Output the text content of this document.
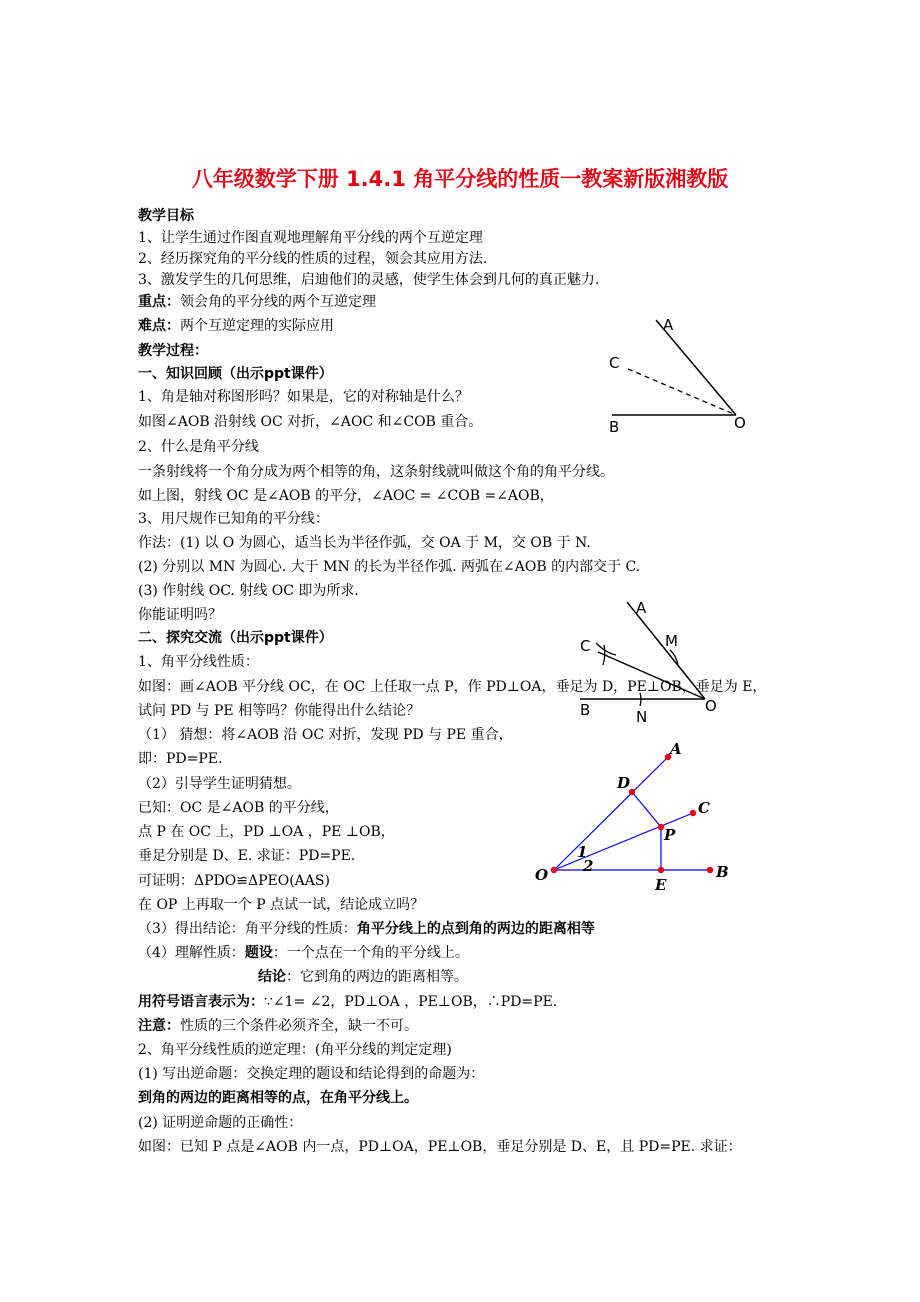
八年级数学下册 1.4.1 角平分线的性质一教案新版湘教版
教学目标
1、让学生通过作图直观地理解角平分线的两个互逆定理
2、经历探究角的平分线的性质的过程，领会其应用方法.
3、激发学生的几何思维，启迪他们的灵感，使学生体会到几何的真正魅力.
重点：领会角的平分线的两个互逆定理
难点：两个互逆定理的实际应用
教学过程：
一、知识回顾（出示ppt课件）
1、角是轴对称图形吗？如果是，它的对称轴是什么？
如图∠AOB 沿射线 OC 对折，∠AOC 和∠COB 重合。
2、什么是角平分线
一条射线将一个角分成为两个相等的角，这条射线就叫做这个角的角平分线。
如上图，射线 OC 是∠AOB 的平分，∠AOC = ∠COB =∠AOB，
3、用尺规作已知角的平分线：
作法：(1) 以 O 为圆心，适当长为半径作弧，交 OA 于 M，交 OB 于 N.
(2) 分别以 MN 为圆心. 大于 MN 的长为半径作弧. 两弧在∠AOB 的内部交于 C.
(3) 作射线 OC. 射线 OC 即为所求.
你能证明吗？
二、探究交流（出示ppt课件）
1、角平分线性质：
如图：画∠AOB 平分线 OC，在 OC 上任取一点 P，作 PD⊥OA，垂足为 D，PE⊥OB，垂足为 E，
试问 PD 与 PE 相等吗？你能得出什么结论？
（1） 猜想：将∠AOB 沿 OC 对折，发现 PD 与 PE 重合，
即：PD=PE.
（2）引导学生证明猜想。
已知：OC 是∠AOB 的平分线，
点 P 在 OC 上，PD ⊥OA ，PE ⊥OB，
垂足分别是 D、E. 求证：PD=PE.
可证明：ΔPDO≌ΔPEO(AAS)
在 OP 上再取一个 P 点试一试，结论成立吗？
（3）得出结论：角平分线的性质：角平分线上的点到角的两边的距离相等
（4）理解性质：题设：一个点在一个角的平分线上。
结论：它到角的两边的距离相等。
用符号语言表示为：∵∠1= ∠2，PD⊥OA ，PE⊥OB，∴PD=PE.
注意：性质的三个条件必须齐全，缺一不可。
2、角平分线性质的逆定理：(角平分线的判定定理)
(1) 写出逆命题：交换定理的题设和结论得到的命题为：
到角的两边的距离相等的点，在角平分线上。
(2) 证明逆命题的正确性：
如图：已知 P 点是∠AOB 内一点，PD⊥OA，PE⊥OB，垂足分别是 D、E，且 PD=PE. 求证：
A
C
B	O
A
M
C
B	N
O
A
D
C
P
O
E
B
1
2
